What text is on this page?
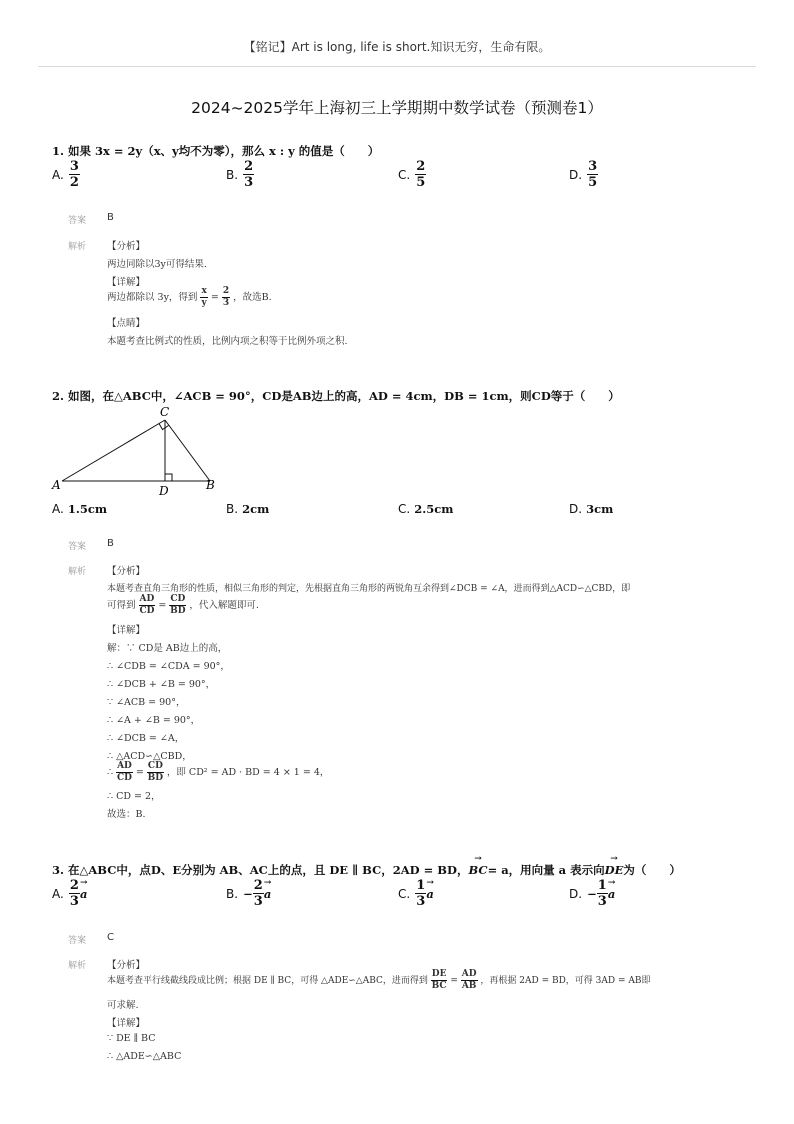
【铭记】Art is long, life is short.知识无穷，生命有限。
2024~2025学年上海初三上学期期中数学试卷（预测卷1）
1. 如果 3x = 2y（x、y均不为零），那么 x : y 的值是（　　）
A. $\frac{3}{2}$	B. $\frac{2}{3}$	C. $\frac{2}{5}$	D. $\frac{3}{5}$
答案 B
解析 【分析】
两边同除以3y可得结果.
【详解】
两边都除以 3y，得到 $\frac{x}{y} = \frac{2}{3}$ ，故选B.
【点睛】
本题考查比例式的性质，比例内项之积等于比例外项之积.
2. 如图，在△ABC中，∠ACB = 90°，CD是AB边上的高，AD = 4cm，DB = 1cm，则CD等于（　　）
A
C
D	B
A. 1.5cm	B. 2cm	C. 2.5cm	D. 3cm
答案 B
解析 【分析】
本题考查直角三角形的性质，相似三角形的判定，先根据直角三角形的两锐角互余得到∠DCB = ∠A，进而得到△ACD∽△CBD，即
可得到 $\frac{AD}{CD} = \frac{CD}{BD}$ ，代入解题即可.
【详解】
解：∵ CD是 AB边上的高，
∴ ∠CDB = ∠CDA = 90°，
∴ ∠DCB + ∠B = 90°，
∵ ∠ACB = 90°，
∴ ∠A + ∠B = 90°，
∴ ∠DCB = ∠A，
∴ △ACD∽△CBD，
∴ $\frac{AD}{CD} = \frac{CD}{BD}$ ，即 CD² = AD · BD = 4 × 1 = 4，
∴ CD = 2，
故选：B.
3. 在△ABC中，点D、E分别为 AB、AC上的点，且 DE ∥ BC，2AD = BD，→ BC= a，用向量 a 表示向→ DE为（　　）
A. $\frac{2}{3}$
→ a	B. − $\frac{2}{3}$
→ a	C. $\frac{1}{3}$
→ a	D. − $\frac{1}{3}$
→ a
答案 C
解析 【分析】
本题考查平行线截线段成比例；根据 DE ∥ BC，可得 △ADE∽△ABC，进而得到 $\frac{DE}{BC} = \frac{AD}{AB}$ ，再根据 2AD = BD，可得 3AD = AB即
可求解.
【详解】
∵ DE ∥ BC
∴ △ADE∽△ABC
